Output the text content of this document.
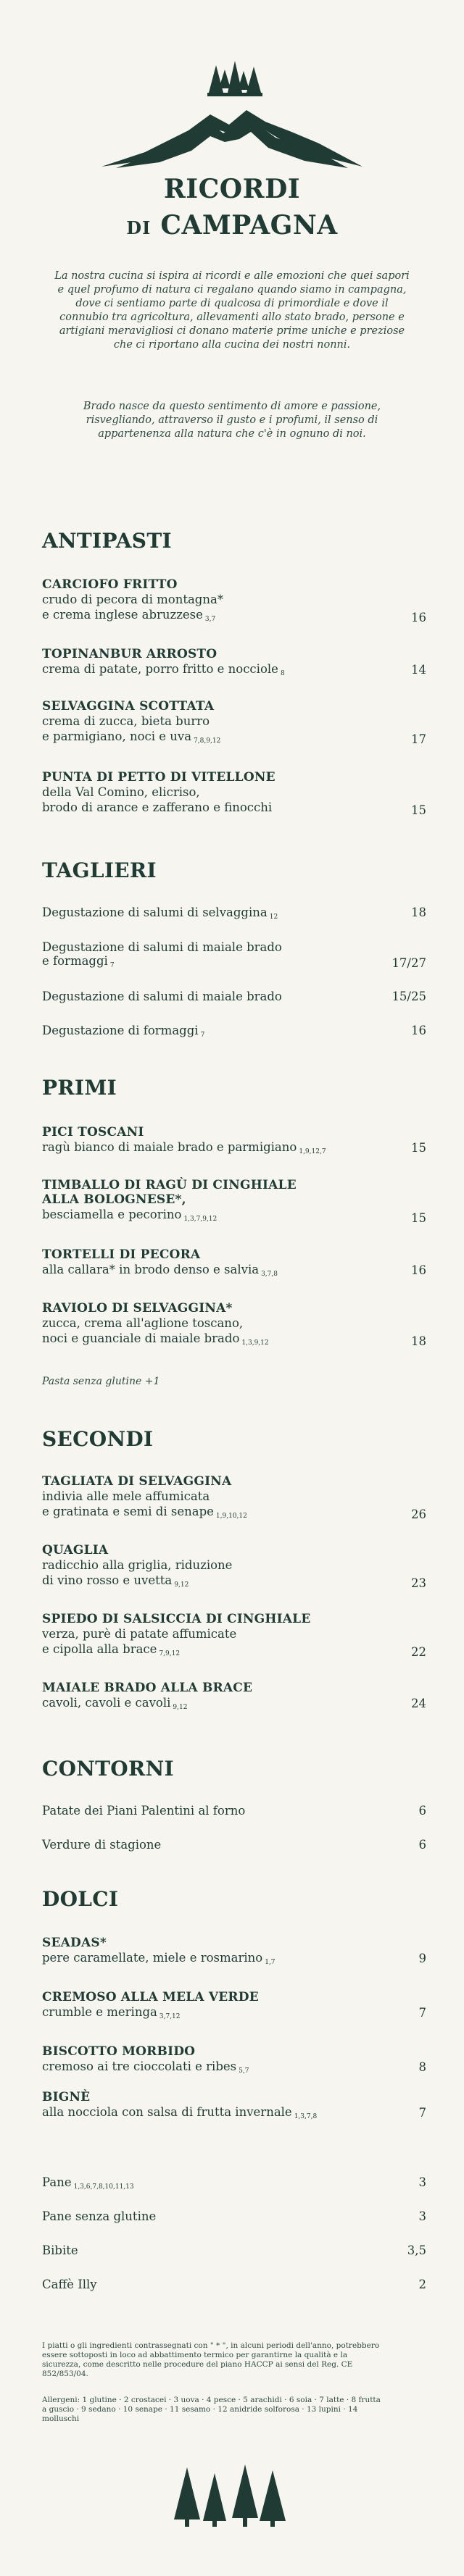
RICORDI
DI CAMPAGNA
La nostra cucina si ispira ai ricordi e alle emozioni che quei sapori e quel profumo di natura ci regalano quando siamo in campagna, dove ci sentiamo parte di qualcosa di primordiale e dove il connubio tra agricoltura, allevamenti allo stato brado, persone e artigiani meravigliosi ci donano materie prime uniche e preziose che ci riportano alla cucina dei nostri nonni.
Brado nasce da questo sentimento di amore e passione, risvegliando, attraverso il gusto e i profumi, il senso di appartenenza alla natura che c'è in ognuno di noi.
ANTIPASTI
CARCIOFO FRITTO
crudo di pecora di montagna*
e crema inglese abruzzese 3,7	16
TOPINANBUR ARROSTO
crema di patate, porro fritto e nocciole 8	14
SELVAGGINA SCOTTATA
crema di zucca, bieta burro
e parmigiano, noci e uva 7,8,9,12	17
PUNTA DI PETTO DI VITELLONE
della Val Comino, elicriso,
brodo di arance e zafferano e finocchi	15
TAGLIERI
Degustazione di salumi di selvaggina 12	18
Degustazione di salumi di maiale brado
e formaggi 7	17/27
Degustazione di salumi di maiale brado	15/25
Degustazione di formaggi 7	16
PRIMI
PICI TOSCANI
ragù bianco di maiale brado e parmigiano 1,9,12,7	15
TIMBALLO DI RAGÙ DI CINGHIALE
ALLA BOLOGNESE*,
besciamella e pecorino 1,3,7,9,12	15
TORTELLI DI PECORA
alla callara* in brodo denso e salvia 3,7,8	16
RAVIOLO DI SELVAGGINA*
zucca, crema all'aglione toscano,
noci e guanciale di maiale brado 1,3,9,12	18
Pasta senza glutine +1
SECONDI
TAGLIATA DI SELVAGGINA
indivia alle mele affumicata
e gratinata e semi di senape 1,9,10,12	26
QUAGLIA
radicchio alla griglia, riduzione
di vino rosso e uvetta 9,12	23
SPIEDO DI SALSICCIA DI CINGHIALE
verza, purè di patate affumicate
e cipolla alla brace 7,9,12	22
MAIALE BRADO ALLA BRACE
cavoli, cavoli e cavoli 9,12	24
CONTORNI
Patate dei Piani Palentini al forno	6
Verdure di stagione	6
DOLCI
SEADAS*
pere caramellate, miele e rosmarino 1,7	9
CREMOSO ALLA MELA VERDE
crumble e meringa 3,7,12	7
BISCOTTO MORBIDO
cremoso ai tre cioccolati e ribes 5,7	8
BIGNÈ
alla nocciola con salsa di frutta invernale 1,3,7,8	7
Pane 1,3,6,7,8,10,11,13	3
Pane senza glutine	3
Bibite	3,5
Caffè Illy	2
I piatti o gli ingredienti contrassegnati con " * ", in alcuni periodi dell'anno, potrebbero essere sottoposti in loco ad abbattimento termico per garantirne la qualità e la sicurezza, come descritto nelle procedure del piano HACCP ai sensi del Reg. CE 852/853/04.
Allergeni: 1 glutine · 2 crostacei · 3 uova · 4 pesce · 5 arachidi · 6 soia · 7 latte · 8 frutta a guscio · 9 sedano · 10 senape · 11 sesamo · 12 anidride solforosa · 13 lupini · 14 molluschi
